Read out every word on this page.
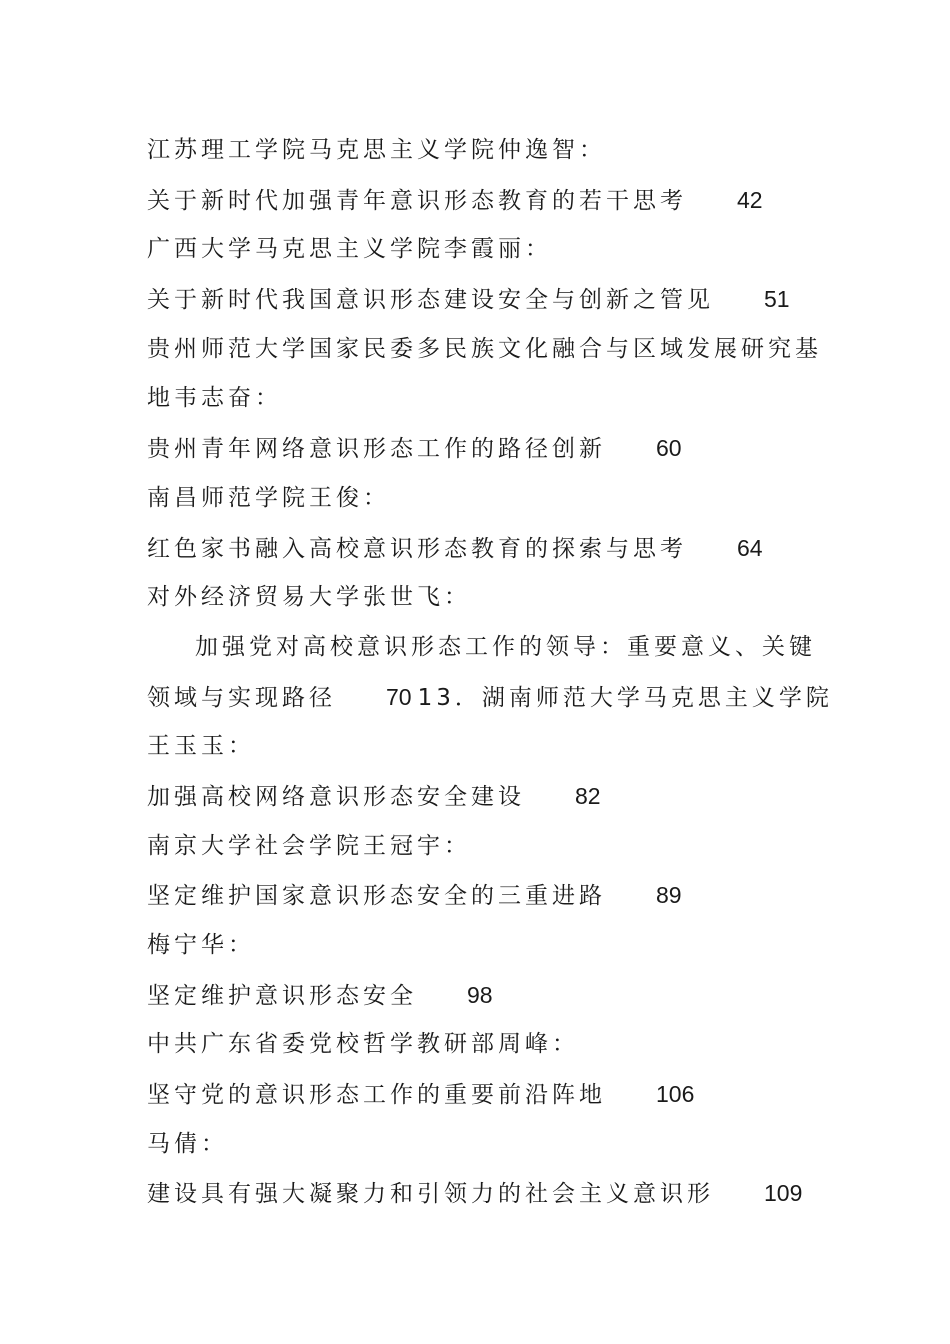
江苏理工学院马克思主义学院仲逸智：
关于新时代加强青年意识形态教育的若干思考 42
广西大学马克思主义学院李霞丽：
关于新时代我国意识形态建设安全与创新之管见 51
贵州师范大学国家民委多民族文化融合与区域发展研究基
地韦志奋：
贵州青年网络意识形态工作的路径创新 60
南昌师范学院王俊：
红色家书融入高校意识形态教育的探索与思考 64
对外经济贸易大学张世飞：
加强党对高校意识形态工作的领导：重要意义、关键
领域与实现路径 70 13．湖南师范大学马克思主义学院
王玉玉：
加强高校网络意识形态安全建设 82
南京大学社会学院王冠宇：
坚定维护国家意识形态安全的三重进路 89
梅宁华：
坚定维护意识形态安全 98
中共广东省委党校哲学教研部周峰：
坚守党的意识形态工作的重要前沿阵地 106
马倩：
建设具有强大凝聚力和引领力的社会主义意识形 109
